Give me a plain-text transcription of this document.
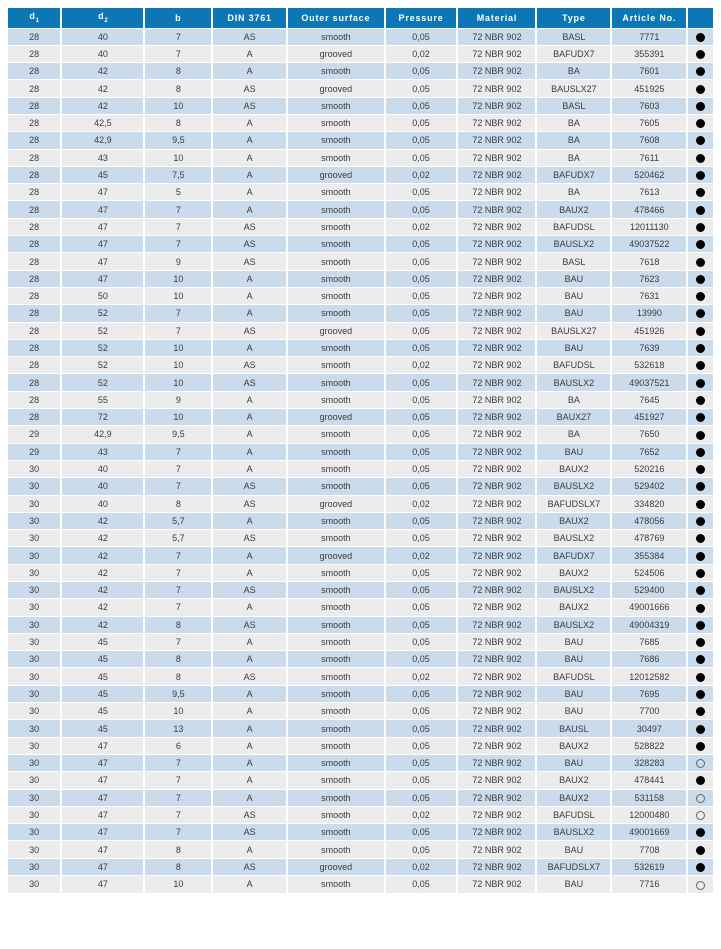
$d_1$	$d_2$	b	DIN 3761	Outer surface	Pressure	Material	Type	Article No.	
28	40	7	AS	smooth	0,05	72 NBR 902	BASL	7771	
28	40	7	A	grooved	0,02	72 NBR 902	BAFUDX7	355391	
28	42	8	A	smooth	0,05	72 NBR 902	BA	7601	
28	42	8	AS	grooved	0,05	72 NBR 902	BAUSLX27	451925	
28	42	10	AS	smooth	0,05	72 NBR 902	BASL	7603	
28	42,5	8	A	smooth	0,05	72 NBR 902	BA	7605	
28	42,9	9,5	A	smooth	0,05	72 NBR 902	BA	7608	
28	43	10	A	smooth	0,05	72 NBR 902	BA	7611	
28	45	7,5	A	grooved	0,02	72 NBR 902	BAFUDX7	520462	
28	47	5	A	smooth	0,05	72 NBR 902	BA	7613	
28	47	7	A	smooth	0,05	72 NBR 902	BAUX2	478466	
28	47	7	AS	smooth	0,02	72 NBR 902	BAFUDSL	12011130	
28	47	7	AS	smooth	0,05	72 NBR 902	BAUSLX2	49037522	
28	47	9	AS	smooth	0,05	72 NBR 902	BASL	7618	
28	47	10	A	smooth	0,05	72 NBR 902	BAU	7623	
28	50	10	A	smooth	0,05	72 NBR 902	BAU	7631	
28	52	7	A	smooth	0,05	72 NBR 902	BAU	13990	
28	52	7	AS	grooved	0,05	72 NBR 902	BAUSLX27	451926	
28	52	10	A	smooth	0,05	72 NBR 902	BAU	7639	
28	52	10	AS	smooth	0,02	72 NBR 902	BAFUDSL	532618	
28	52	10	AS	smooth	0,05	72 NBR 902	BAUSLX2	49037521	
28	55	9	A	smooth	0,05	72 NBR 902	BA	7645	
28	72	10	A	grooved	0,05	72 NBR 902	BAUX27	451927	
29	42,9	9,5	A	smooth	0,05	72 NBR 902	BA	7650	
29	43	7	A	smooth	0,05	72 NBR 902	BAU	7652	
30	40	7	A	smooth	0,05	72 NBR 902	BAUX2	520216	
30	40	7	AS	smooth	0,05	72 NBR 902	BAUSLX2	529402	
30	40	8	AS	grooved	0,02	72 NBR 902	BAFUDSLX7	334820	
30	42	5,7	A	smooth	0,05	72 NBR 902	BAUX2	478056	
30	42	5,7	AS	smooth	0,05	72 NBR 902	BAUSLX2	478769	
30	42	7	A	grooved	0,02	72 NBR 902	BAFUDX7	355384	
30	42	7	A	smooth	0,05	72 NBR 902	BAUX2	524506	
30	42	7	AS	smooth	0,05	72 NBR 902	BAUSLX2	529400	
30	42	7	A	smooth	0,05	72 NBR 902	BAUX2	49001666	
30	42	8	AS	smooth	0,05	72 NBR 902	BAUSLX2	49004319	
30	45	7	A	smooth	0,05	72 NBR 902	BAU	7685	
30	45	8	A	smooth	0,05	72 NBR 902	BAU	7686	
30	45	8	AS	smooth	0,02	72 NBR 902	BAFUDSL	12012582	
30	45	9,5	A	smooth	0,05	72 NBR 902	BAU	7695	
30	45	10	A	smooth	0,05	72 NBR 902	BAU	7700	
30	45	13	A	smooth	0,05	72 NBR 902	BAUSL	30497	
30	47	6	A	smooth	0,05	72 NBR 902	BAUX2	528822	
30	47	7	A	smooth	0,05	72 NBR 902	BAU	328283	
30	47	7	A	smooth	0,05	72 NBR 902	BAUX2	478441	
30	47	7	A	smooth	0,05	72 NBR 902	BAUX2	531158	
30	47	7	AS	smooth	0,02	72 NBR 902	BAFUDSL	12000480	
30	47	7	AS	smooth	0,05	72 NBR 902	BAUSLX2	49001669	
30	47	8	A	smooth	0,05	72 NBR 902	BAU	7708	
30	47	8	AS	grooved	0,02	72 NBR 902	BAFUDSLX7	532619	
30	47	10	A	smooth	0,05	72 NBR 902	BAU	7716	
